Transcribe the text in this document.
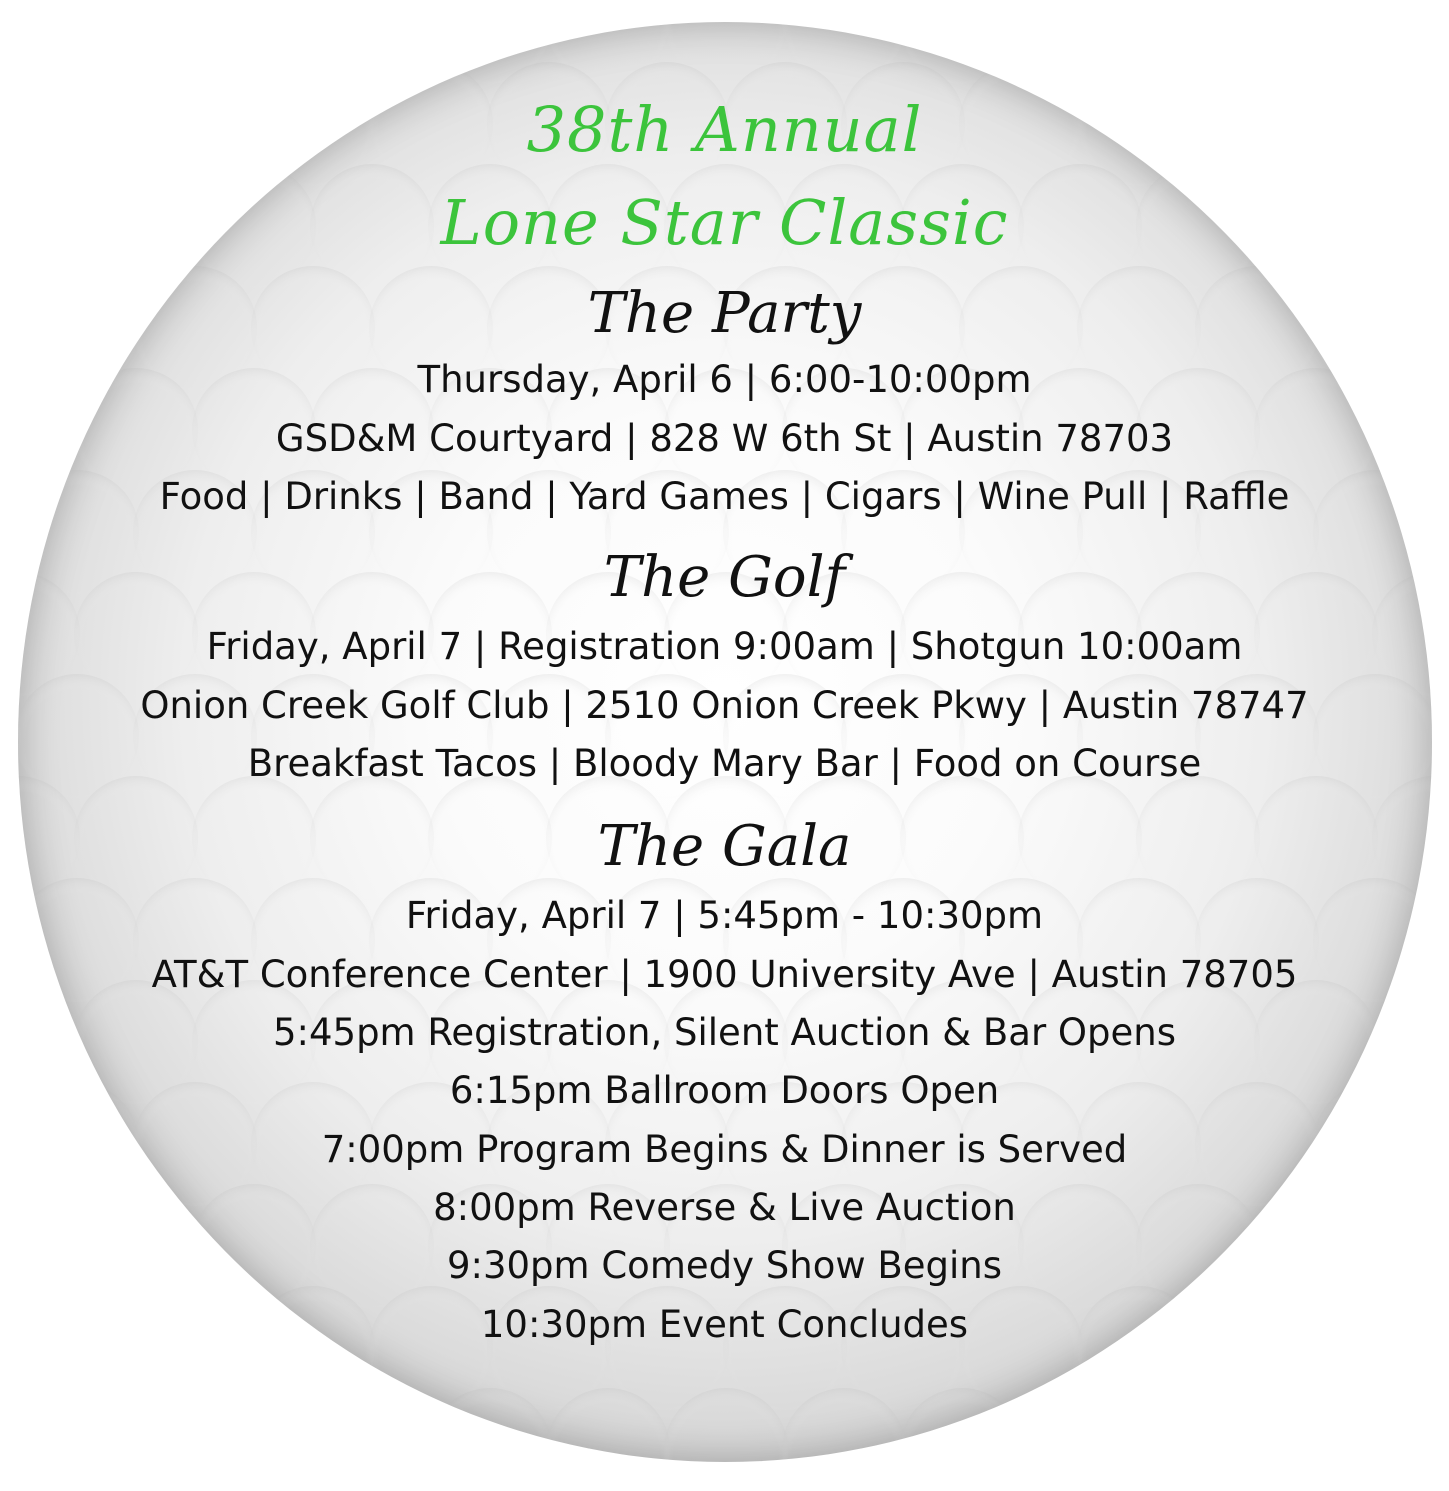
38th Annual
Lone Star Classic
The Party
Thursday, April 6 | 6:00-10:00pm
GSD&M Courtyard | 828 W 6th St | Austin 78703
Food | Drinks | Band | Yard Games | Cigars | Wine Pull | Raffle
The Golf
Friday, April 7 | Registration 9:00am | Shotgun 10:00am
Onion Creek Golf Club | 2510 Onion Creek Pkwy | Austin 78747
Breakfast Tacos | Bloody Mary Bar | Food on Course
The Gala
Friday, April 7 | 5:45pm - 10:30pm
AT&T Conference Center | 1900 University Ave | Austin 78705
5:45pm Registration, Silent Auction & Bar Opens
6:15pm Ballroom Doors Open
7:00pm Program Begins & Dinner is Served
8:00pm Reverse & Live Auction
9:30pm Comedy Show Begins
10:30pm Event Concludes
